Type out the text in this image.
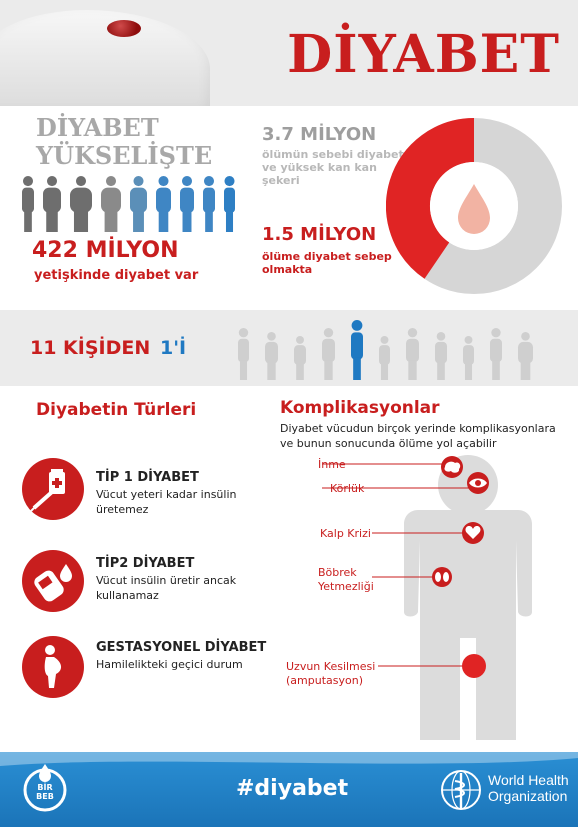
DİYABET
DİYABET
YÜKSELİŞTE
422 MİLYON
yetişkinde diyabet var
3.7 MİLYON
ölümün sebebi diyabet ve yüksek kan kan şekeri
1.5 MİLYON
ölüme diyabet sebep olmakta
11 KİŞİDEN 1'İ
Diyabetin Türleri
TİP 1 DİYABET
Vücut yeteri kadar insülin üretemez
TİP2 DİYABET
Vücut insülin üretir ancak kullanamaz
GESTASYONEL DİYABET
Hamilelikteki geçici durum
Komplikasyonlar
Diyabet vücudun birçok yerinde komplikasyonlara ve bunun sonucunda ölüme yol açabilir
İnme
Körlük
Kalp Krizi
Böbrek
Yetmezliği
Uzvun Kesilmesi
(amputasyon)
BİR
BEB	#diyabet	World Health
Organization
